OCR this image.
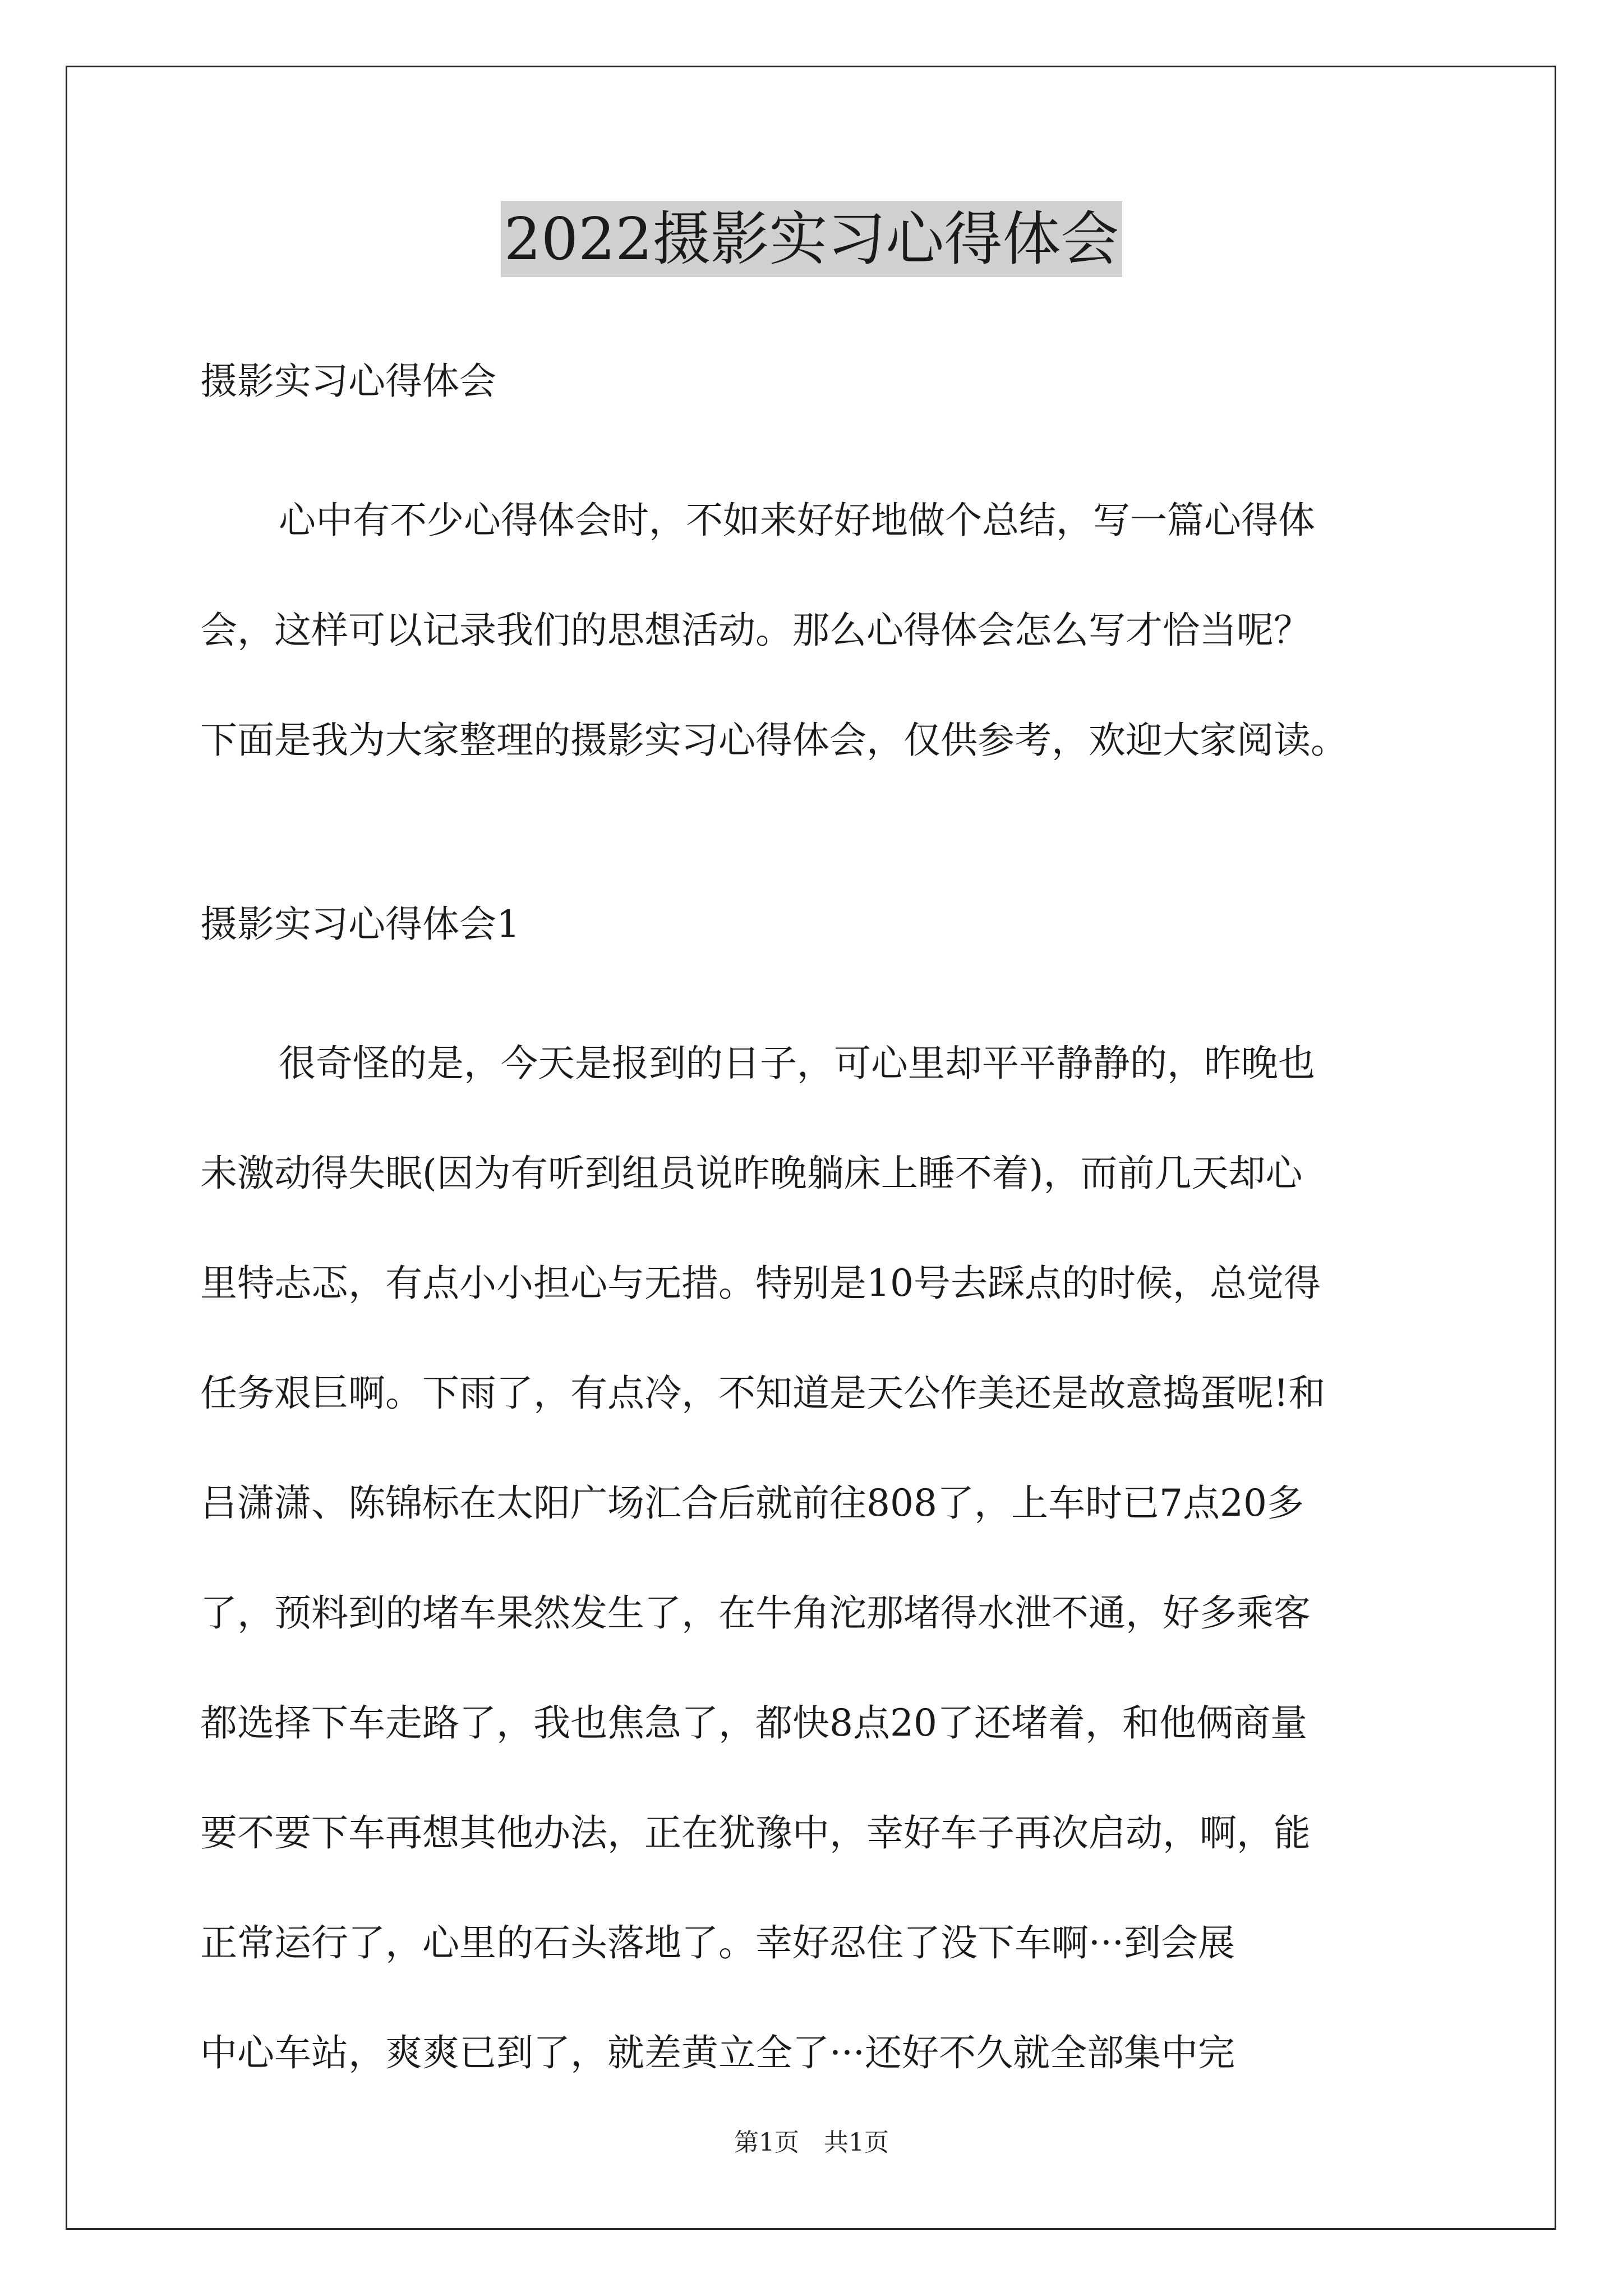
2022摄影实习心得体会
摄影实习心得体会
心中有不少心得体会时，不如来好好地做个总结，写一篇心得体
会，这样可以记录我们的思想活动。那么心得体会怎么写才恰当呢？
下面是我为大家整理的摄影实习心得体会，仅供参考，欢迎大家阅读。
摄影实习心得体会1
很奇怪的是，今天是报到的日子，可心里却平平静静的，昨晚也
未激动得失眠(因为有听到组员说昨晚躺床上睡不着)，而前几天却心
里特忐忑，有点小小担心与无措。特别是10号去踩点的时候，总觉得
任务艰巨啊。下雨了，有点冷，不知道是天公作美还是故意捣蛋呢!和
吕潇潇、陈锦标在太阳广场汇合后就前往808了，上车时已7点20多
了，预料到的堵车果然发生了，在牛角沱那堵得水泄不通，好多乘客
都选择下车走路了，我也焦急了，都快8点20了还堵着，和他俩商量
要不要下车再想其他办法，正在犹豫中，幸好车子再次启动，啊，能
正常运行了，心里的石头落地了。幸好忍住了没下车啊···到会展
中心车站，爽爽已到了，就差黄立全了···还好不久就全部集中完
第1页　共1页
